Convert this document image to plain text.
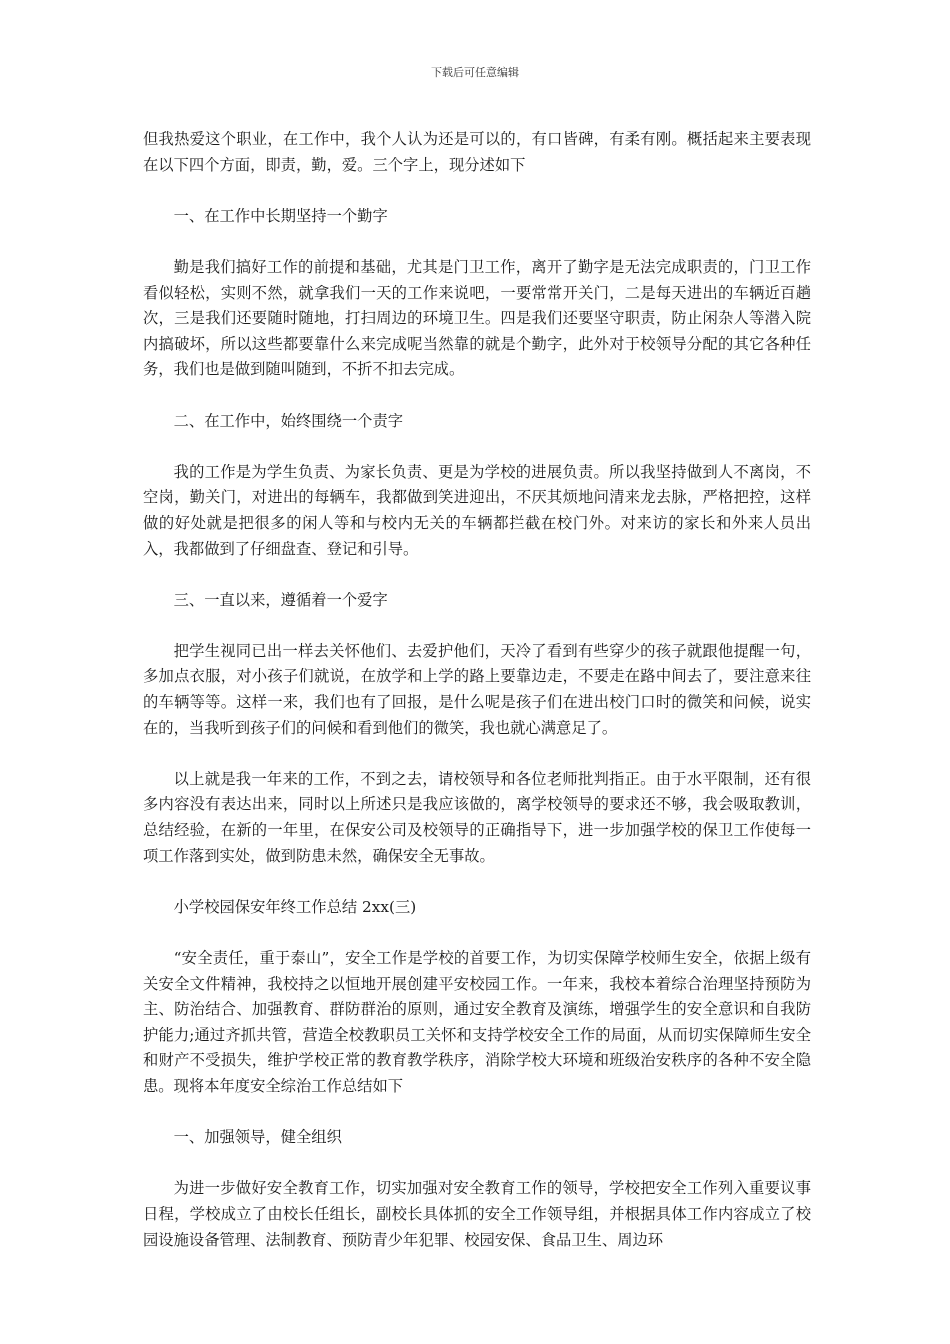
下载后可任意编辑

但我热爱这个职业，在工作中，我个人认为还是可以的，有口皆碑，有柔有刚。概括起来主要表现在以下四个方面，即责，勤，爱。三个字上，现分述如下

一、在工作中长期坚持一个勤字

勤是我们搞好工作的前提和基础，尤其是门卫工作，离开了勤字是无法完成职责的，门卫工作看似轻松，实则不然，就拿我们一天的工作来说吧，一要常常开关门，二是每天进出的车辆近百趟次，三是我们还要随时随地，打扫周边的环境卫生。四是我们还要坚守职责，防止闲杂人等潜入院内搞破坏，所以这些都要靠什么来完成呢当然靠的就是个勤字，此外对于校领导分配的其它各种任务，我们也是做到随叫随到，不折不扣去完成。

二、在工作中，始终围绕一个责字

我的工作是为学生负责、为家长负责、更是为学校的进展负责。所以我坚持做到人不离岗，不空岗，勤关门，对进出的每辆车，我都做到笑进迎出，不厌其烦地问清来龙去脉，严格把控，这样做的好处就是把很多的闲人等和与校内无关的车辆都拦截在校门外。对来访的家长和外来人员出入，我都做到了仔细盘查、登记和引导。

三、一直以来，遵循着一个爱字

把学生视同已出一样去关怀他们、去爱护他们，天冷了看到有些穿少的孩子就跟他提醒一句，多加点衣服，对小孩子们就说，在放学和上学的路上要靠边走，不要走在路中间去了，要注意来往的车辆等等。这样一来，我们也有了回报，是什么呢是孩子们在进出校门口时的微笑和问候，说实在的，当我听到孩子们的问候和看到他们的微笑，我也就心满意足了。

以上就是我一年来的工作，不到之去，请校领导和各位老师批判指正。由于水平限制，还有很多内容没有表达出来，同时以上所述只是我应该做的，离学校领导的要求还不够，我会吸取教训，总结经验，在新的一年里，在保安公司及校领导的正确指导下，进一步加强学校的保卫工作使每一项工作落到实处，做到防患未然，确保安全无事故。

小学校园保安年终工作总结 2xx(三)

“安全责任，重于泰山”，安全工作是学校的首要工作，为切实保障学校师生安全，依据上级有关安全文件精神，我校持之以恒地开展创建平安校园工作。一年来，我校本着综合治理坚持预防为主、防治结合、加强教育、群防群治的原则，通过安全教育及演练，增强学生的安全意识和自我防护能力;通过齐抓共管，营造全校教职员工关怀和支持学校安全工作的局面，从而切实保障师生安全和财产不受损失，维护学校正常的教育教学秩序，消除学校大环境和班级治安秩序的各种不安全隐患。现将本年度安全综治工作总结如下

一、加强领导，健全组织

为进一步做好安全教育工作，切实加强对安全教育工作的领导，学校把安全工作列入重要议事日程，学校成立了由校长任组长，副校长具体抓的安全工作领导组，并根据具体工作内容成立了校园设施设备管理、法制教育、预防青少年犯罪、校园安保、食品卫生、周边环
